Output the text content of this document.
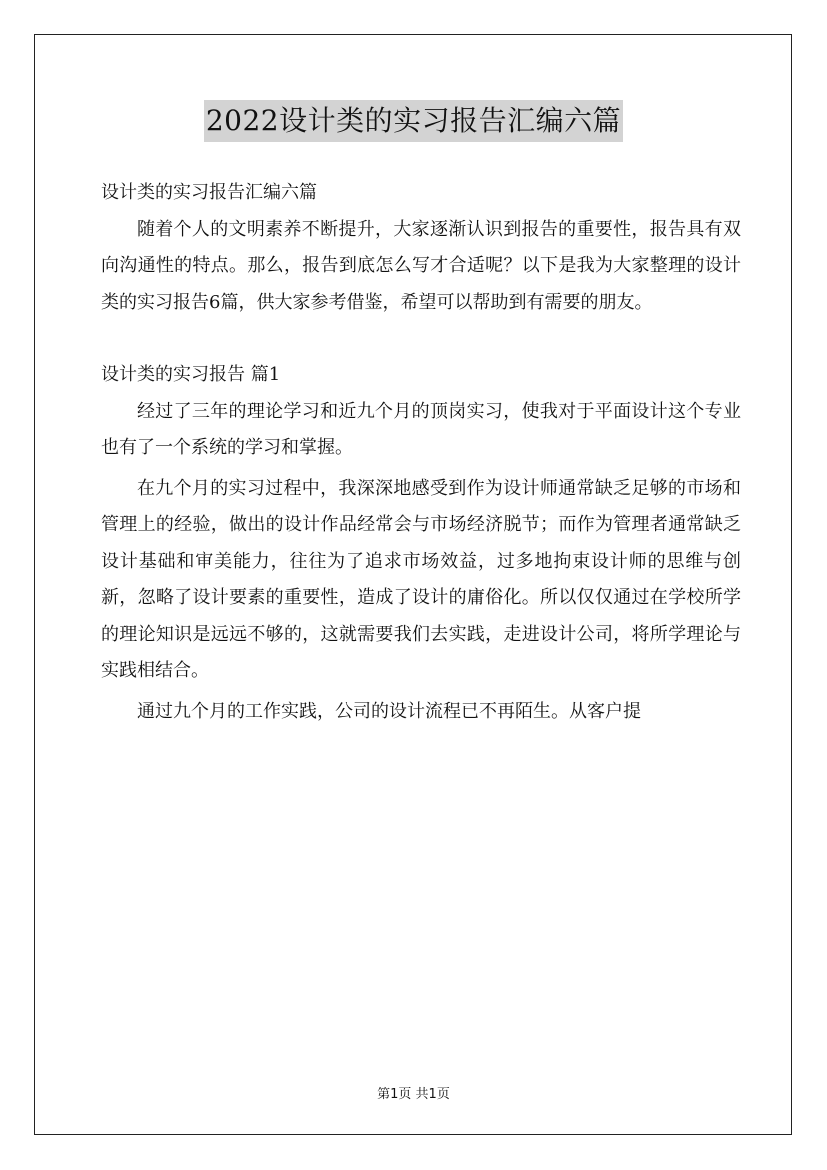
2022设计类的实习报告汇编六篇

设计类的实习报告汇编六篇

随着个人的文明素养不断提升，大家逐渐认识到报告的重要性，报告具有双向沟通性的特点。那么，报告到底怎么写才合适呢？以下是我为大家整理的设计类的实习报告6篇，供大家参考借鉴，希望可以帮助到有需要的朋友。

设计类的实习报告 篇1

经过了三年的理论学习和近九个月的顶岗实习，使我对于平面设计这个专业也有了一个系统的学习和掌握。

在九个月的实习过程中，我深深地感受到作为设计师通常缺乏足够的市场和管理上的经验，做出的设计作品经常会与市场经济脱节；而作为管理者通常缺乏设计基础和审美能力，往往为了追求市场效益，过多地拘束设计师的思维与创新，忽略了设计要素的重要性，造成了设计的庸俗化。所以仅仅通过在学校所学的理论知识是远远不够的，这就需要我们去实践，走进设计公司，将所学理论与实践相结合。

通过九个月的工作实践，公司的设计流程已不再陌生。从客户提

第1页 共1页
